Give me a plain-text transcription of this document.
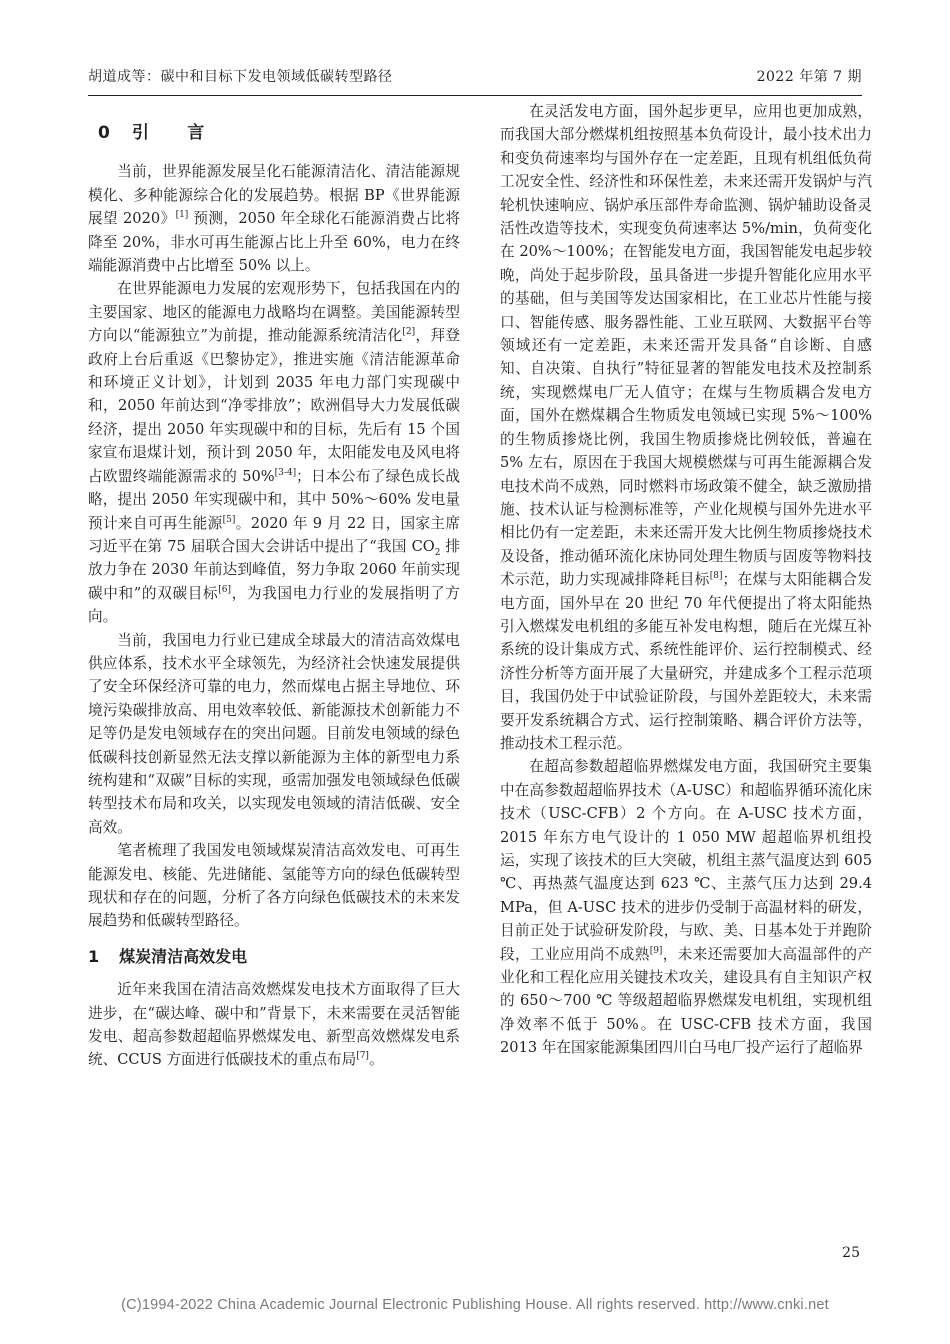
胡道成等：碳中和目标下发电领域低碳转型路径	2022 年第 7 期
0 引 言

当前，世界能源发展呈化石能源清洁化、清洁能源规模化、多种能源综合化的发展趋势。根据 BP《世界能源展望 2020》[1] 预测，2050 年全球化石能源消费占比将降至 20%，非水可再生能源占比上升至 60%，电力在终端能源消费中占比增至 50% 以上。

在世界能源电力发展的宏观形势下，包括我国在内的主要国家、地区的能源电力战略均在调整。美国能源转型方向以“能源独立”为前提，推动能源系统清洁化[2]，拜登政府上台后重返《巴黎协定》，推进实施《清洁能源革命和环境正义计划》，计划到 2035 年电力部门实现碳中和，2050 年前达到“净零排放”；欧洲倡导大力发展低碳经济，提出 2050 年实现碳中和的目标，先后有 15 个国家宣布退煤计划，预计到 2050 年，太阳能发电及风电将占欧盟终端能源需求的 50%[3-4]；日本公布了绿色成长战略，提出 2050 年实现碳中和，其中 50%～60% 发电量预计来自可再生能源[5]。2020 年 9 月 22 日，国家主席习近平在第 75 届联合国大会讲话中提出了“我国 $CO_2$ 排放力争在 2030 年前达到峰值，努力争取 2060 年前实现碳中和”的双碳目标[6]，为我国电力行业的发展指明了方向。

当前，我国电力行业已建成全球最大的清洁高效煤电供应体系，技术水平全球领先，为经济社会快速发展提供了安全环保经济可靠的电力，然而煤电占据主导地位、环境污染碳排放高、用电效率较低、新能源技术创新能力不足等仍是发电领域存在的突出问题。目前发电领域的绿色低碳科技创新显然无法支撑以新能源为主体的新型电力系统构建和“双碳”目标的实现，亟需加强发电领域绿色低碳转型技术布局和攻关，以实现发电领域的清洁低碳、安全高效。

笔者梳理了我国发电领域煤炭清洁高效发电、可再生能源发电、核能、先进储能、氢能等方向的绿色低碳转型现状和存在的问题，分析了各方向绿色低碳技术的未来发展趋势和低碳转型路径。

1 煤炭清洁高效发电

近年来我国在清洁高效燃煤发电技术方面取得了巨大进步，在“碳达峰、碳中和”背景下，未来需要在灵活智能发电、超高参数超超临界燃煤发电、新型高效燃煤发电系统、CCUS 方面进行低碳技术的重点布局[7]。

在灵活发电方面，国外起步更早，应用也更加成熟，而我国大部分燃煤机组按照基本负荷设计，最小技术出力和变负荷速率均与国外存在一定差距，且现有机组低负荷工况安全性、经济性和环保性差，未来还需开发锅炉与汽轮机快速响应、锅炉承压部件寿命监测、锅炉辅助设备灵活性改造等技术，实现变负荷速率达 5%/min，负荷变化在 20%～100%；在智能发电方面，我国智能发电起步较晚，尚处于起步阶段，虽具备进一步提升智能化应用水平的基础，但与美国等发达国家相比，在工业芯片性能与接口、智能传感、服务器性能、工业互联网、大数据平台等领域还有一定差距，未来还需开发具备“自诊断、自感知、自决策、自执行”特征显著的智能发电技术及控制系统，实现燃煤电厂无人值守；在煤与生物质耦合发电方面，国外在燃煤耦合生物质发电领域已实现 5%～100% 的生物质掺烧比例，我国生物质掺烧比例较低，普遍在 5% 左右，原因在于我国大规模燃煤与可再生能源耦合发电技术尚不成熟，同时燃料市场政策不健全，缺乏激励措施、技术认证与检测标准等，产业化规模与国外先进水平相比仍有一定差距，未来还需开发大比例生物质掺烧技术及设备，推动循环流化床协同处理生物质与固废等物料技术示范，助力实现减排降耗目标[8]；在煤与太阳能耦合发电方面，国外早在 20 世纪 70 年代便提出了将太阳能热引入燃煤发电机组的多能互补发电构想，随后在光煤互补系统的设计集成方式、系统性能评价、运行控制模式、经济性分析等方面开展了大量研究，并建成多个工程示范项目，我国仍处于中试验证阶段，与国外差距较大，未来需要开发系统耦合方式、运行控制策略、耦合评价方法等，推动技术工程示范。

在超高参数超超临界燃煤发电方面，我国研究主要集中在高参数超超临界技术（A-USC）和超临界循环流化床技术（USC-CFB）2 个方向。在 A-USC 技术方面，2015 年东方电气设计的 1 050 MW 超超临界机组投运，实现了该技术的巨大突破，机组主蒸气温度达到 605 ℃、再热蒸气温度达到 623 ℃、主蒸气压力达到 29.4 MPa，但 A-USC 技术的进步仍受制于高温材料的研发，目前正处于试验研发阶段，与欧、美、日基本处于并跑阶段，工业应用尚不成熟[9]，未来还需要加大高温部件的产业化和工程化应用关键技术攻关，建设具有自主知识产权的 650～700 ℃ 等级超超临界燃煤发电机组，实现机组净效率不低于 50%。在 USC-CFB 技术方面，我国 2013 年在国家能源集团四川白马电厂投产运行了超临界

25
(C)1994-2022 China Academic Journal Electronic Publishing House. All rights reserved. http://www.cnki.net
